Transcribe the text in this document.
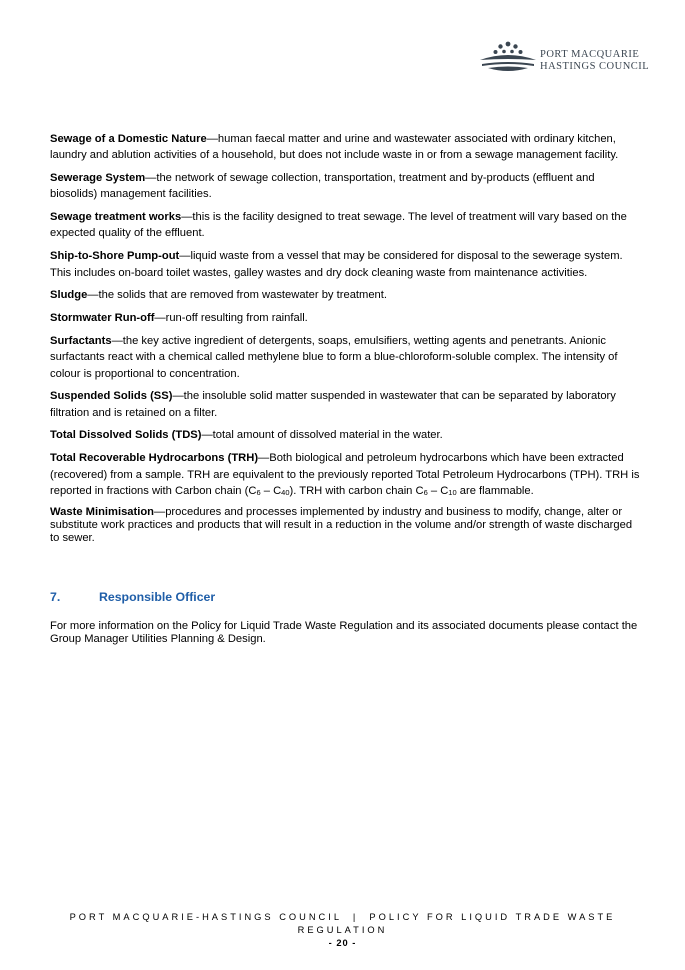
PORT MACQUARIE
HASTINGS COUNCIL

Sewage of a Domestic Nature—human faecal matter and urine and wastewater associated with ordinary kitchen, laundry and ablution activities of a household, but does not include waste in or from a sewage management facility.

Sewerage System—the network of sewage collection, transportation, treatment and by-products (effluent and biosolids) management facilities.

Sewage treatment works—this is the facility designed to treat sewage. The level of treatment will vary based on the expected quality of the effluent.

Ship-to-Shore Pump-out—liquid waste from a vessel that may be considered for disposal to the sewerage system. This includes on-board toilet wastes, galley wastes and dry dock cleaning waste from maintenance activities.

Sludge—the solids that are removed from wastewater by treatment.

Stormwater Run-off—run-off resulting from rainfall.

Surfactants—the key active ingredient of detergents, soaps, emulsifiers, wetting agents and penetrants. Anionic surfactants react with a chemical called methylene blue to form a blue-chloroform-soluble complex. The intensity of colour is proportional to concentration.

Suspended Solids (SS)—the insoluble solid matter suspended in wastewater that can be separated by laboratory filtration and is retained on a filter.

Total Dissolved Solids (TDS)—total amount of dissolved material in the water.

Total Recoverable Hydrocarbons (TRH)—Both biological and petroleum hydrocarbons which have been extracted (recovered) from a sample. TRH are equivalent to the previously reported Total Petroleum Hydrocarbons (TPH). TRH is reported in fractions with Carbon chain $(C_6 - C_{40})$. TRH with carbon chain $C_6 - C_{10}$ are flammable.

Waste Minimisation—procedures and processes implemented by industry and business to modify, change, alter or substitute work practices and products that will result in a reduction in the volume and/or strength of waste discharged to sewer.

7.	Responsible Officer
For more information on the Policy for Liquid Trade Waste Regulation and its associated documents please contact the Group Manager Utilities Planning & Design.
PORT MACQUARIE-HASTINGS COUNCIL  |  POLICY FOR LIQUID TRADE WASTE
REGULATION
- 20 -
